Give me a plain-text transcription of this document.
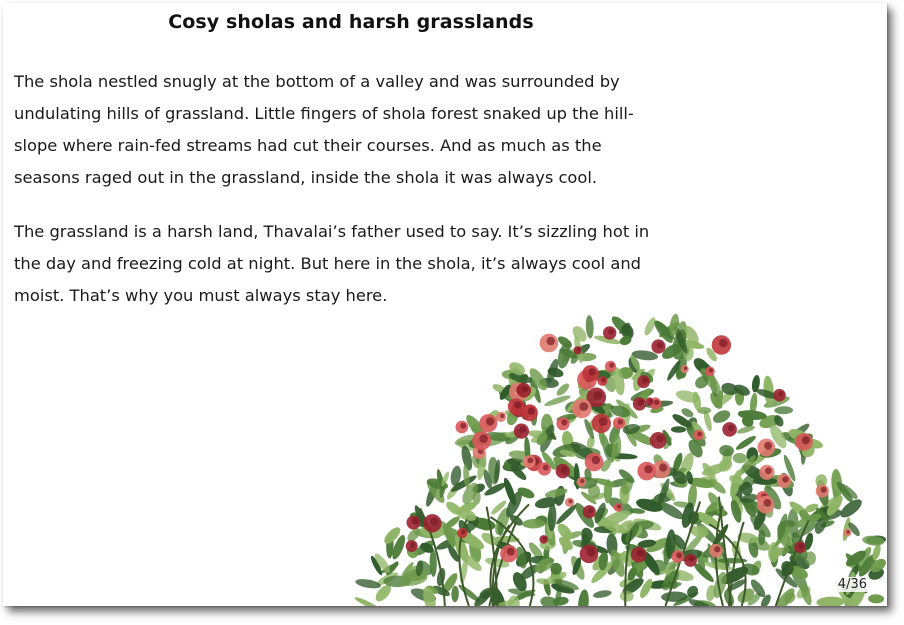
Cosy sholas and harsh grasslands

The shola nestled snugly at the bottom of a valley and was surrounded by
undulating hills of grassland. Little fingers of shola forest snaked up the hill-
slope where rain-fed streams had cut their courses. And as much as the
seasons raged out in the grassland, inside the shola it was always cool.

The grassland is a harsh land, Thavalai’s father used to say. It’s sizzling hot in
the day and freezing cold at night. But here in the shola, it’s always cool and
moist. That’s why you must always stay here.

4/36
